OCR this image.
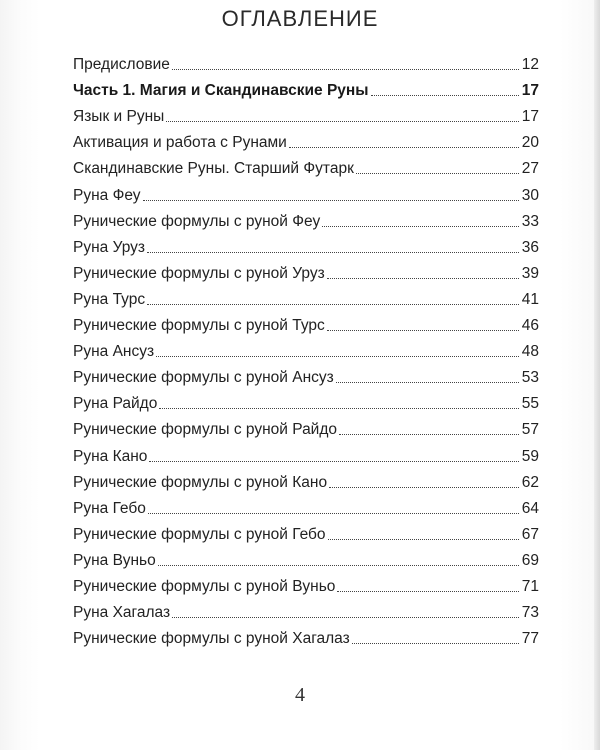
ОГЛАВЛЕНИЕ
Предисловие	12
Часть 1. Магия и Скандинавские Руны	17
Язык и Руны	17
Активация и работа с Рунами	20
Скандинавские Руны. Старший Футарк	27
Руна Феу	30
Рунические формулы с руной Феу	33
Руна Уруз	36
Рунические формулы с руной Уруз	39
Руна Турс	41
Рунические формулы с руной Турс	46
Руна Ансуз	48
Рунические формулы с руной Ансуз	53
Руна Райдо	55
Рунические формулы с руной Райдо	57
Руна Кано	59
Рунические формулы с руной Кано	62
Руна Гебо	64
Рунические формулы с руной Гебо	67
Руна Вуньо	69
Рунические формулы с руной Вуньо	71
Руна Хагалаз	73
Рунические формулы с руной Хагалаз	77
4
